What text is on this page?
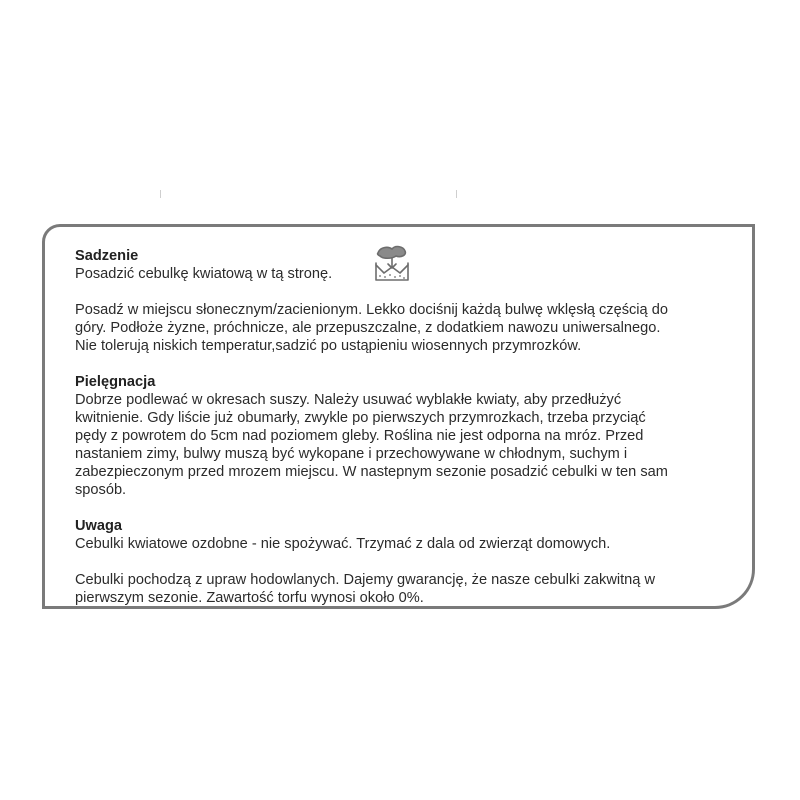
Sadzenie

Posadzić cebulkę kwiatową w tą stronę.

Posadź w miejscu słonecznym/zacienionym. Lekko dociśnij każdą bulwę wklęsłą częścią do

góry. Podłoże żyzne, próchnicze, ale przepuszczalne, z dodatkiem nawozu uniwersalnego.

Nie tolerują niskich temperatur,sadzić po ustąpieniu wiosennych przymrozków.

Pielęgnacja

Dobrze podlewać w okresach suszy. Należy usuwać wyblakłe kwiaty, aby przedłużyć

kwitnienie. Gdy liście już obumarły, zwykle po pierwszych przymrozkach, trzeba przyciąć

pędy z powrotem do 5cm nad poziomem gleby. Roślina nie jest odporna na mróz. Przed

nastaniem zimy, bulwy muszą być wykopane i przechowywane w chłodnym, suchym i

zabezpieczonym przed mrozem miejscu. W nastepnym sezonie posadzić cebulki w ten sam

sposób.

Uwaga

Cebulki kwiatowe ozdobne - nie spożywać. Trzymać z dala od zwierząt domowych.

Cebulki pochodzą z upraw hodowlanych. Dajemy gwarancję, że nasze cebulki zakwitną w

pierwszym sezonie. Zawartość torfu wynosi około 0%.
